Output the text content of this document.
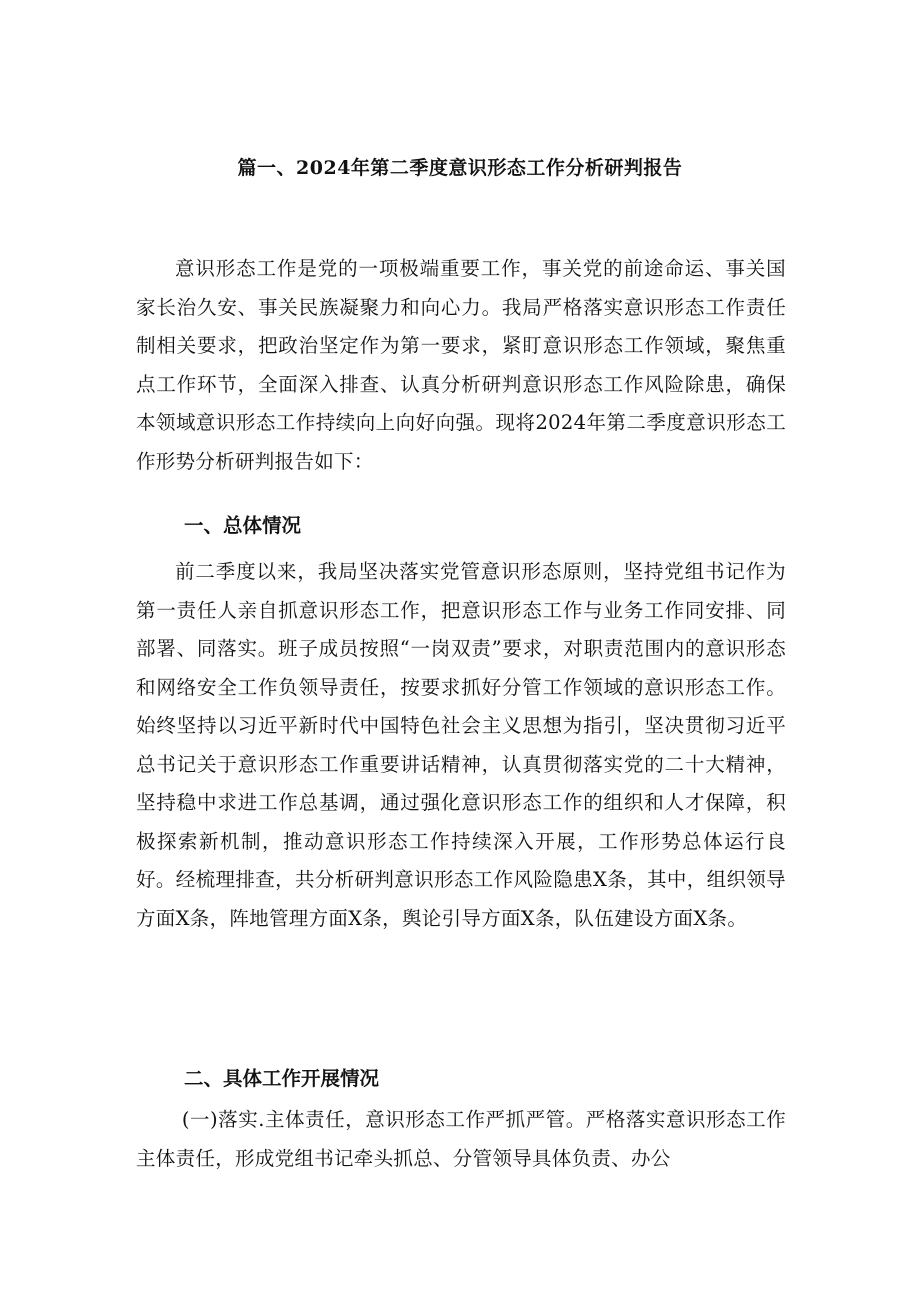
篇一、2024年第二季度意识形态工作分析研判报告

意识形态工作是党的一项极端重要工作，事关党的前途命运、事关国家长治久安、事关民族凝聚力和向心力。我局严格落实意识形态工作责任制相关要求，把政治坚定作为第一要求，紧盯意识形态工作领域，聚焦重点工作环节，全面深入排查、认真分析研判意识形态工作风险除患，确保本领域意识形态工作持续向上向好向强。现将2024年第二季度意识形态工作形势分析研判报告如下：

一、总体情况

前二季度以来，我局坚决落实党管意识形态原则，坚持党组书记作为第一责任人亲自抓意识形态工作，把意识形态工作与业务工作同安排、同部署、同落实。班子成员按照“一岗双责”要求，对职责范围内的意识形态和网络安全工作负领导责任，按要求抓好分管工作领域的意识形态工作。始终坚持以习近平新时代中国特色社会主义思想为指引，坚决贯彻习近平总书记关于意识形态工作重要讲话精神，认真贯彻落实党的二十大精神，坚持稳中求进工作总基调，通过强化意识形态工作的组织和人才保障，积极探索新机制，推动意识形态工作持续深入开展，工作形势总体运行良好。经梳理排查，共分析研判意识形态工作风险隐患X条，其中，组织领导方面X条，阵地管理方面X条，舆论引导方面X条，队伍建设方面X条。

二、具体工作开展情况

(一)落实.主体责任，意识形态工作严抓严管。严格落实意识形态工作主体责任，形成党组书记牵头抓总、分管领导具体负责、办公
